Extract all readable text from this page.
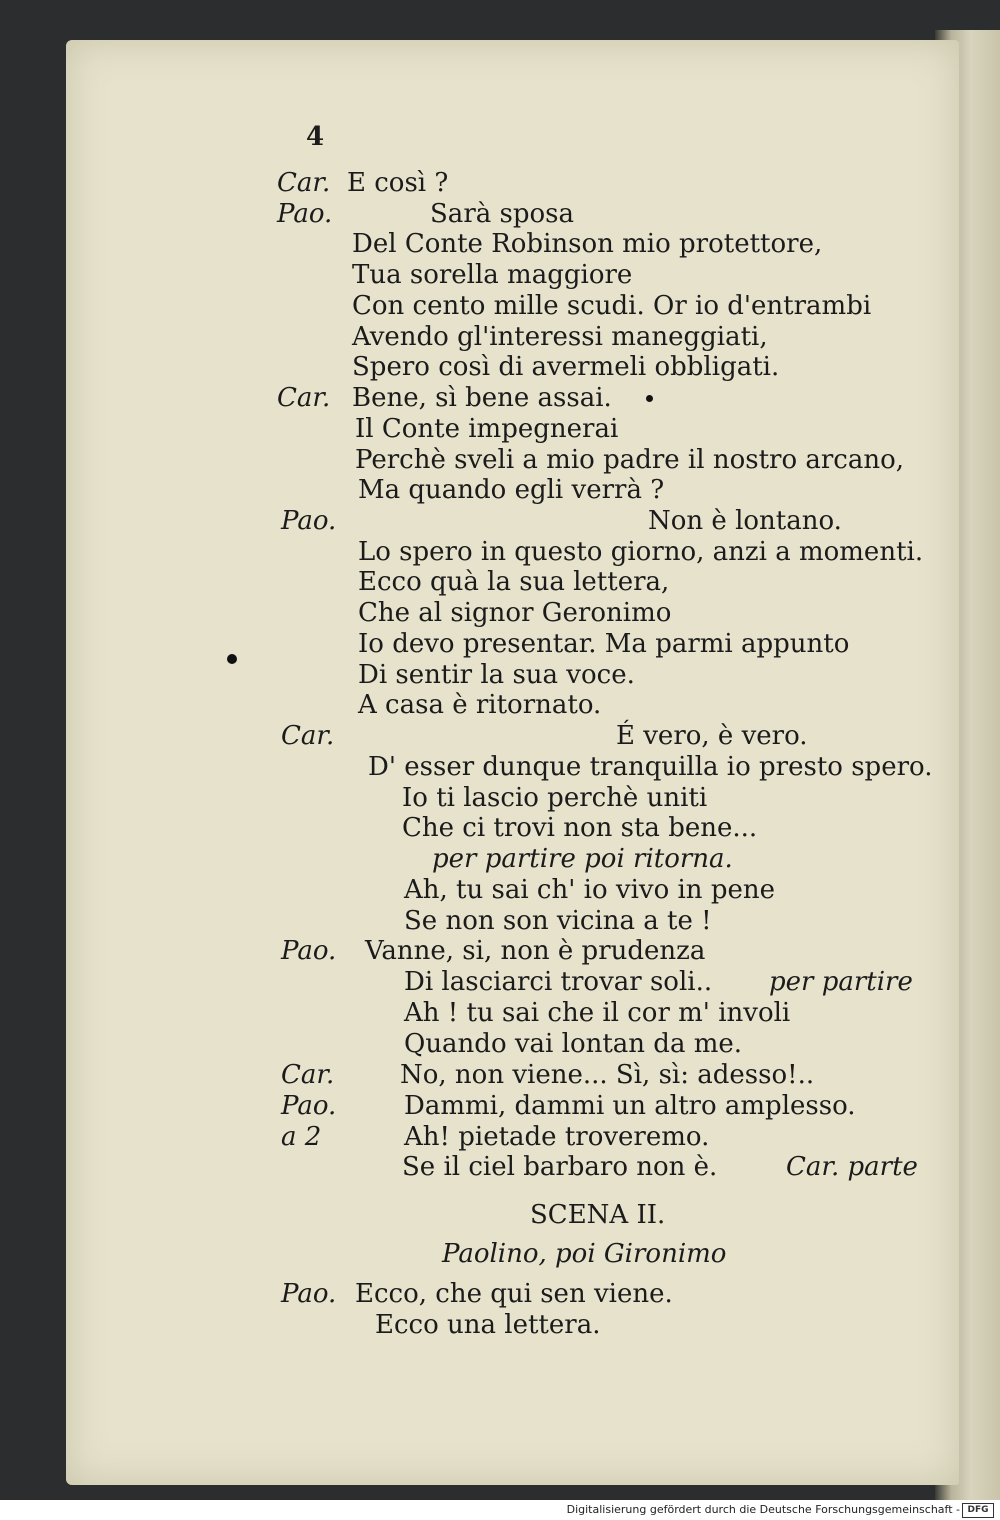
4
Car.
Pao.
Car.
Pao.
Car.
Pao.
Car.
Pao.
a 2
Pao.
E così ?
Sarà sposa
Del Conte Robinson mio protettore,
Tua sorella maggiore
Con cento mille scudi. Or io d'entrambi
Avendo gl'interessi maneggiati,
Spero così di avermeli obbligati.
Bene, sì bene assai.
Il Conte impegnerai
Perchè sveli a mio padre il nostro arcano,
Ma quando egli verrà ?
Non è lontano.
Lo spero in questo giorno, anzi a momenti.
Ecco quà la sua lettera,
Che al signor Geronimo
Io devo presentar. Ma parmi appunto
Di sentir la sua voce.
A casa è ritornato.
É vero, è vero.
D' esser dunque tranquilla io presto spero.
Io ti lascio perchè uniti
Che ci trovi non sta bene...
per partire poi ritorna.
Ah, tu sai ch' io vivo in pene
Se non son vicina a te !
Vanne, si, non è prudenza
Di lasciarci trovar soli.. per partire
Ah ! tu sai che il cor m' involi
Quando vai lontan da me.
No, non viene... Sì, sì: adesso!..
Dammi, dammi un altro amplesso.
Ah! pietade troveremo.
Se il ciel barbaro non è.	Car. parte
SCENA II.
Paolino, poi Gironimo
Ecco, che qui sen viene.
Ecco una lettera.
Digitalisierung gefördert durch die Deutsche Forschungsgemeinschaft - DFG
